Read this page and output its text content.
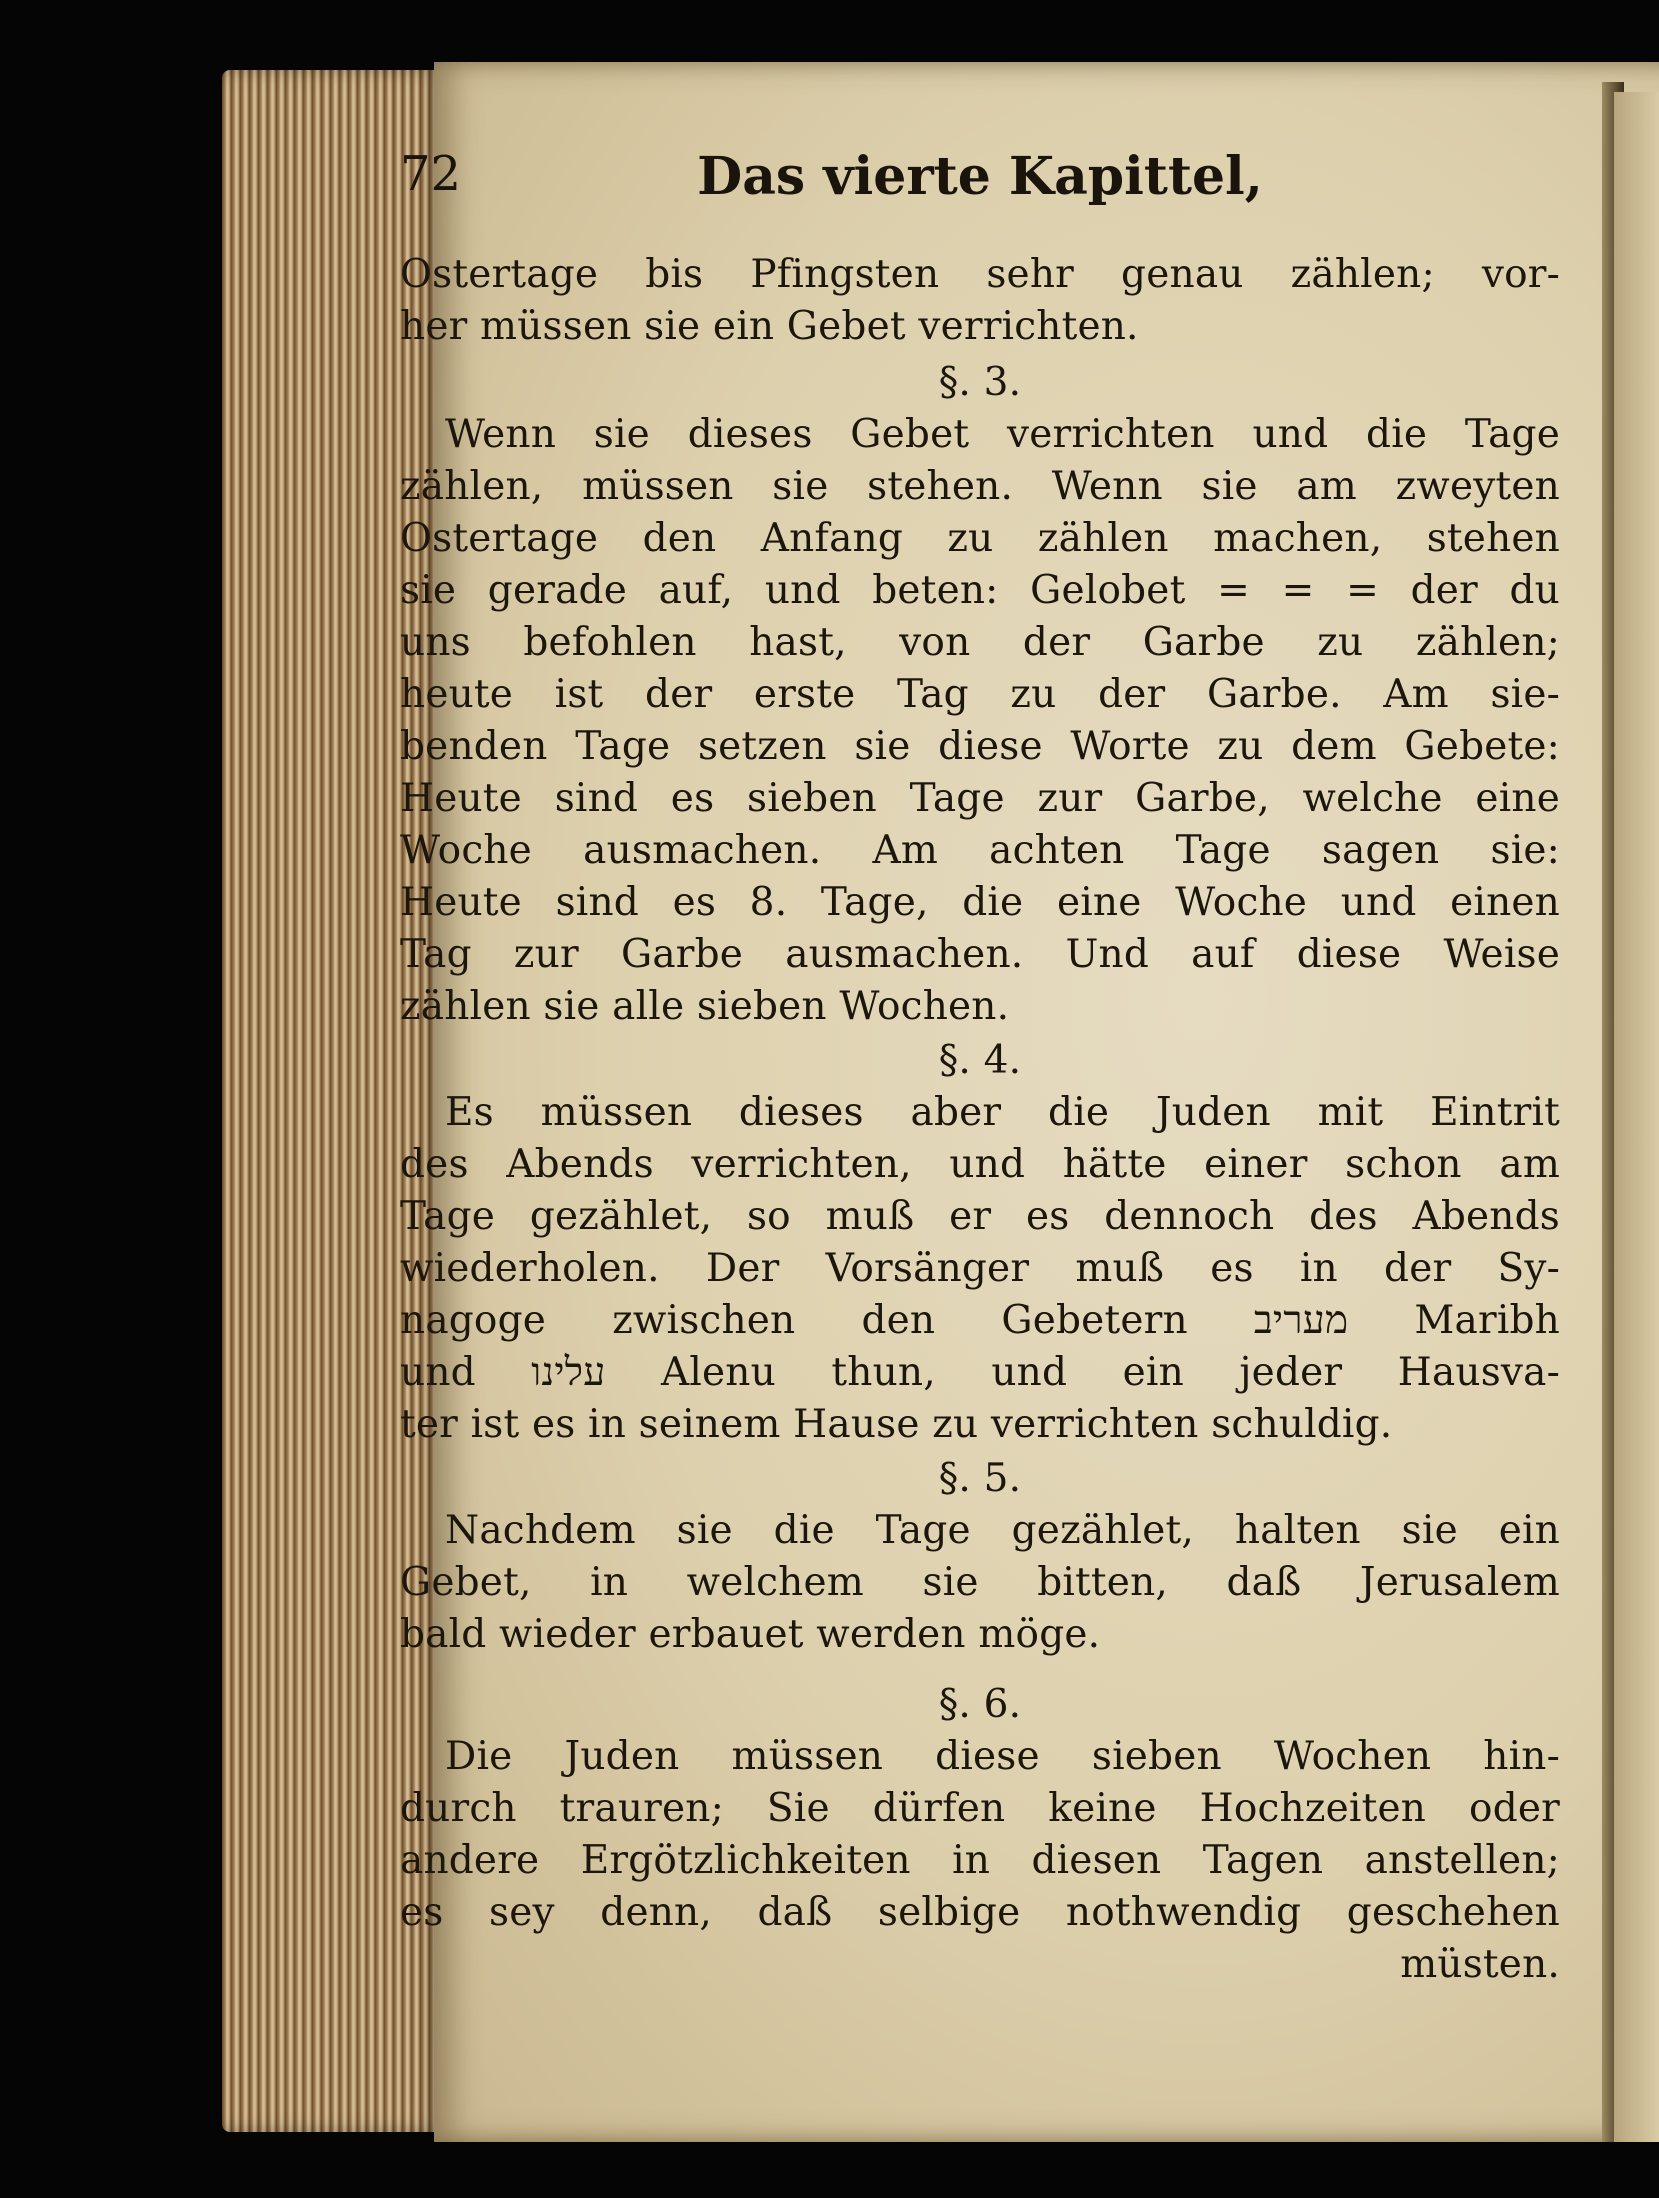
72	Das vierte Kapittel,
Ostertage bis Pfingsten sehr genau zählen; vor-
her müssen sie ein Gebet verrichten.
§. 3.
Wenn sie dieses Gebet verrichten und die Tage
zählen, müssen sie stehen. Wenn sie am zweyten
Ostertage den Anfang zu zählen machen, stehen
sie gerade auf, und beten: Gelobet = = = der du
uns befohlen hast, von der Garbe zu zählen;
heute ist der erste Tag zu der Garbe. Am sie-
benden Tage setzen sie diese Worte zu dem Gebete:
Heute sind es sieben Tage zur Garbe, welche eine
Woche ausmachen. Am achten Tage sagen sie:
Heute sind es 8. Tage, die eine Woche und einen
Tag zur Garbe ausmachen. Und auf diese Weise
zählen sie alle sieben Wochen.
§. 4.
Es müssen dieses aber die Juden mit Eintrit
des Abends verrichten, und hätte einer schon am
Tage gezählet, so muß er es dennoch des Abends
wiederholen. Der Vorsänger muß es in der Sy-
nagoge zwischen den Gebetern מעריב Maribh
und עלינו Alenu thun, und ein jeder Hausva-
ter ist es in seinem Hause zu verrichten schuldig.
§. 5.
Nachdem sie die Tage gezählet, halten sie ein
Gebet, in welchem sie bitten, daß Jerusalem
bald wieder erbauet werden möge.
§. 6.
Die Juden müssen diese sieben Wochen hin-
durch trauren; Sie dürfen keine Hochzeiten oder
andere Ergötzlichkeiten in diesen Tagen anstellen;
es sey denn, daß selbige nothwendig geschehen
müsten.
